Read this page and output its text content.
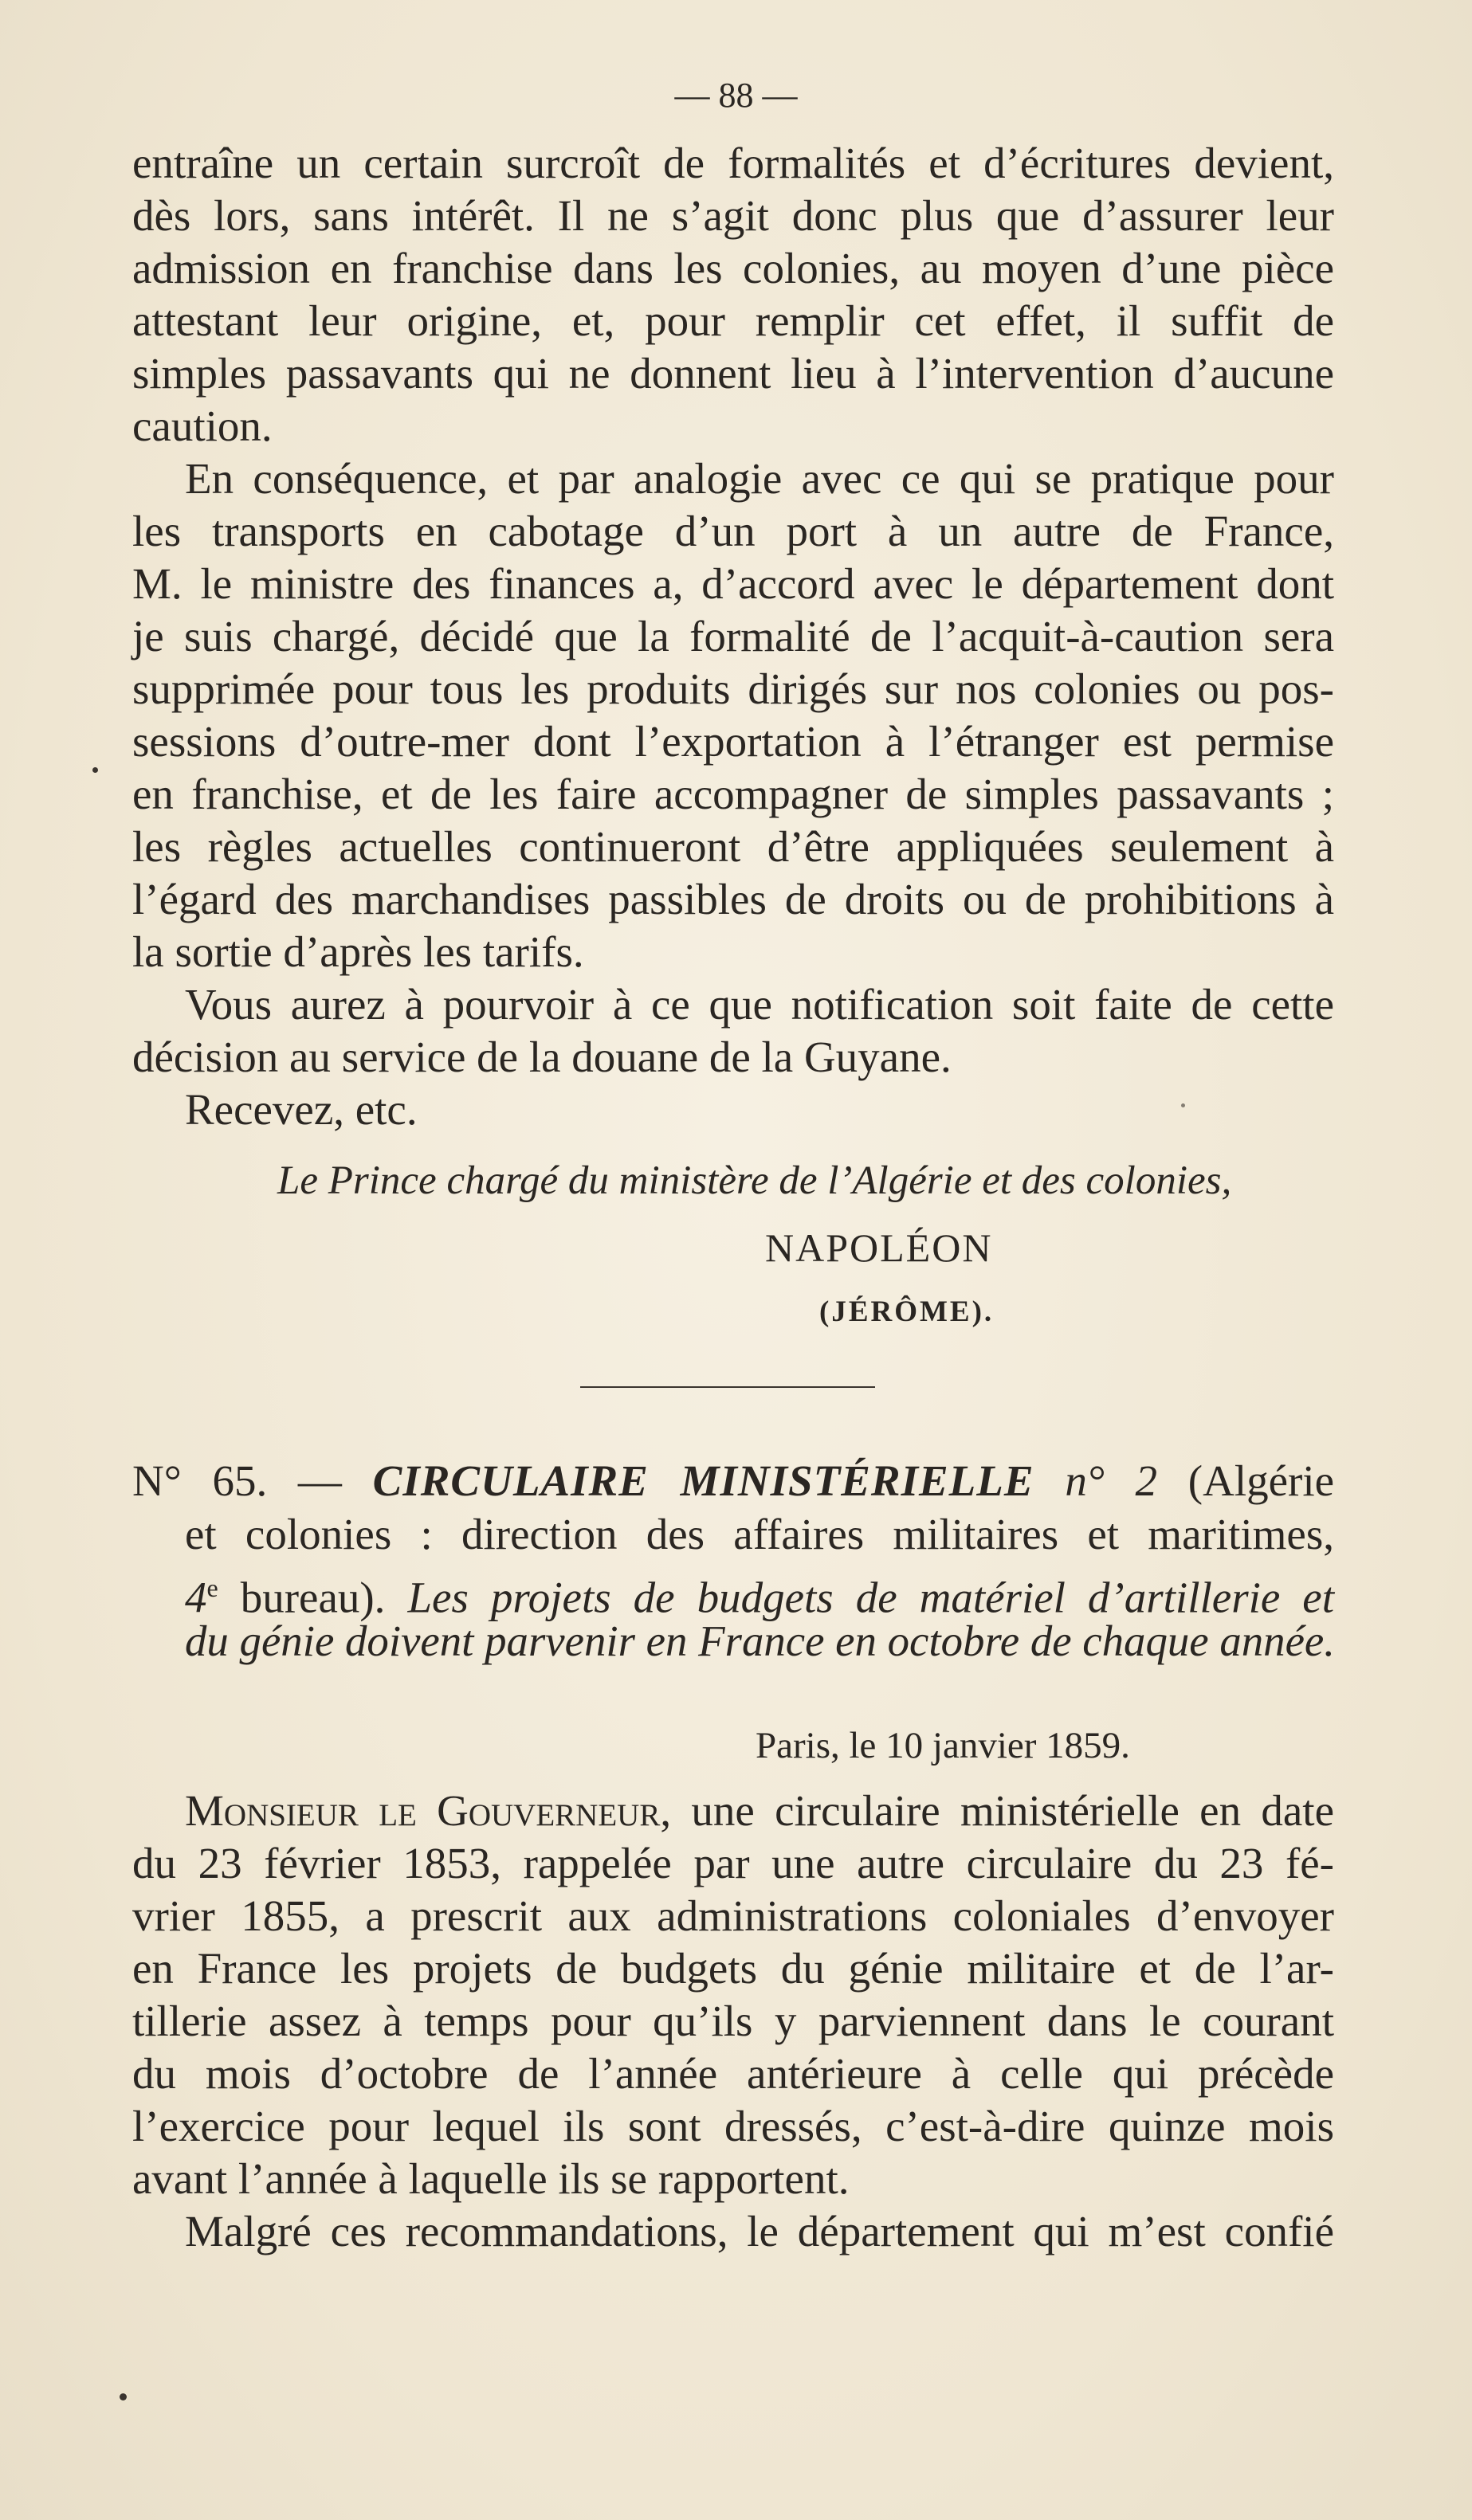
— 88 —
entraîne un certain surcroît de formalités et d’écritures devient,
dès lors, sans intérêt. Il ne s’agit donc plus que d’assurer leur
admission en franchise dans les colonies, au moyen d’une pièce
attestant leur origine, et, pour remplir cet effet, il suffit de
simples passavants qui ne donnent lieu à l’intervention d’aucune
caution.
En conséquence, et par analogie avec ce qui se pratique pour
les transports en cabotage d’un port à un autre de France,
M. le ministre des finances a, d’accord avec le département dont
je suis chargé, décidé que la formalité de l’acquit-à-caution sera
supprimée pour tous les produits dirigés sur nos colonies ou pos-
sessions d’outre-mer dont l’exportation à l’étranger est permise
en franchise, et de les faire accompagner de simples passavants ;
les règles actuelles continueront d’être appliquées seulement à
l’égard des marchandises passibles de droits ou de prohibitions à
la sortie d’après les tarifs.
Vous aurez à pourvoir à ce que notification soit faite de cette
décision au service de la douane de la Guyane.
Recevez, etc.
Le Prince chargé du ministère de l’Algérie et des colonies,
NAPOLÉON
(JÉRÔME).
N° 65. — CIRCULAIRE MINISTÉRIELLE n° 2 (Algérie
et colonies : direction des affaires militaires et maritimes,
4e bureau). Les projets de budgets de matériel d’artillerie et
du génie doivent parvenir en France en octobre de chaque année.
Paris, le 10 janvier 1859.
Monsieur le Gouverneur, une circulaire ministérielle en date
du 23 février 1853, rappelée par une autre circulaire du 23 fé-
vrier 1855, a prescrit aux administrations coloniales d’envoyer
en France les projets de budgets du génie militaire et de l’ar-
tillerie assez à temps pour qu’ils y parviennent dans le courant
du mois d’octobre de l’année antérieure à celle qui précède
l’exercice pour lequel ils sont dressés, c’est-à-dire quinze mois
avant l’année à laquelle ils se rapportent.
Malgré ces recommandations, le département qui m’est confié
